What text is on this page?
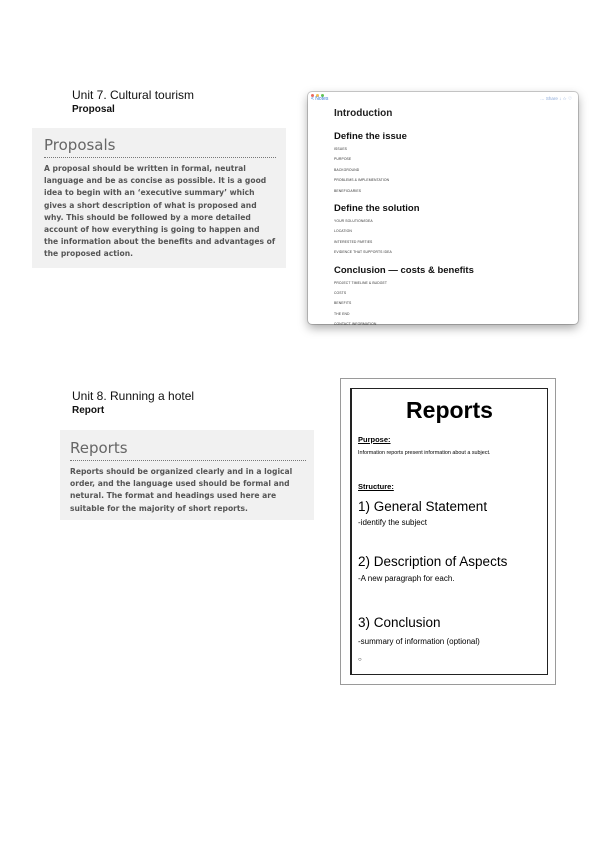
Unit 7. Cultural tourism
Proposal
Proposals
A proposal should be written in formal, neutral language and be as concise as possible. It is a good idea to begin with an ‘executive summary’ which gives a short description of what is proposed and why. This should be followed by a more detailed account of how everything is going to happen and the information about the benefits and advantages of the proposed action.
< Notes	… Share ↓ ☆ ♡
Introduction
Define the issue
ISSUES
PURPOSE
BACKGROUND
PROBLEMS & IMPLEMENTATION
BENEFICIARIES
Define the solution
YOUR SOLUTION/IDEA
LOCATION
INTERESTED PARTIES
EVIDENCE THAT SUPPORTS IDEA
Conclusion — costs & benefits
PROJECT TIMELINE & BUDGET
COSTS
BENEFITS
THE END
CONTACT INFORMATION
Unit 8. Running a hotel
Report
Reports
Reports should be organized clearly and in a logical order, and the language used should be formal and netural. The format and headings used here are suitable for the majority of short reports.
Reports
Purpose:
Information reports present information about a subject.
Structure:
1) General Statement
-identify the subject
2) Description of Aspects
-A new paragraph for each.
3) Conclusion
-summary of information (optional)
○
